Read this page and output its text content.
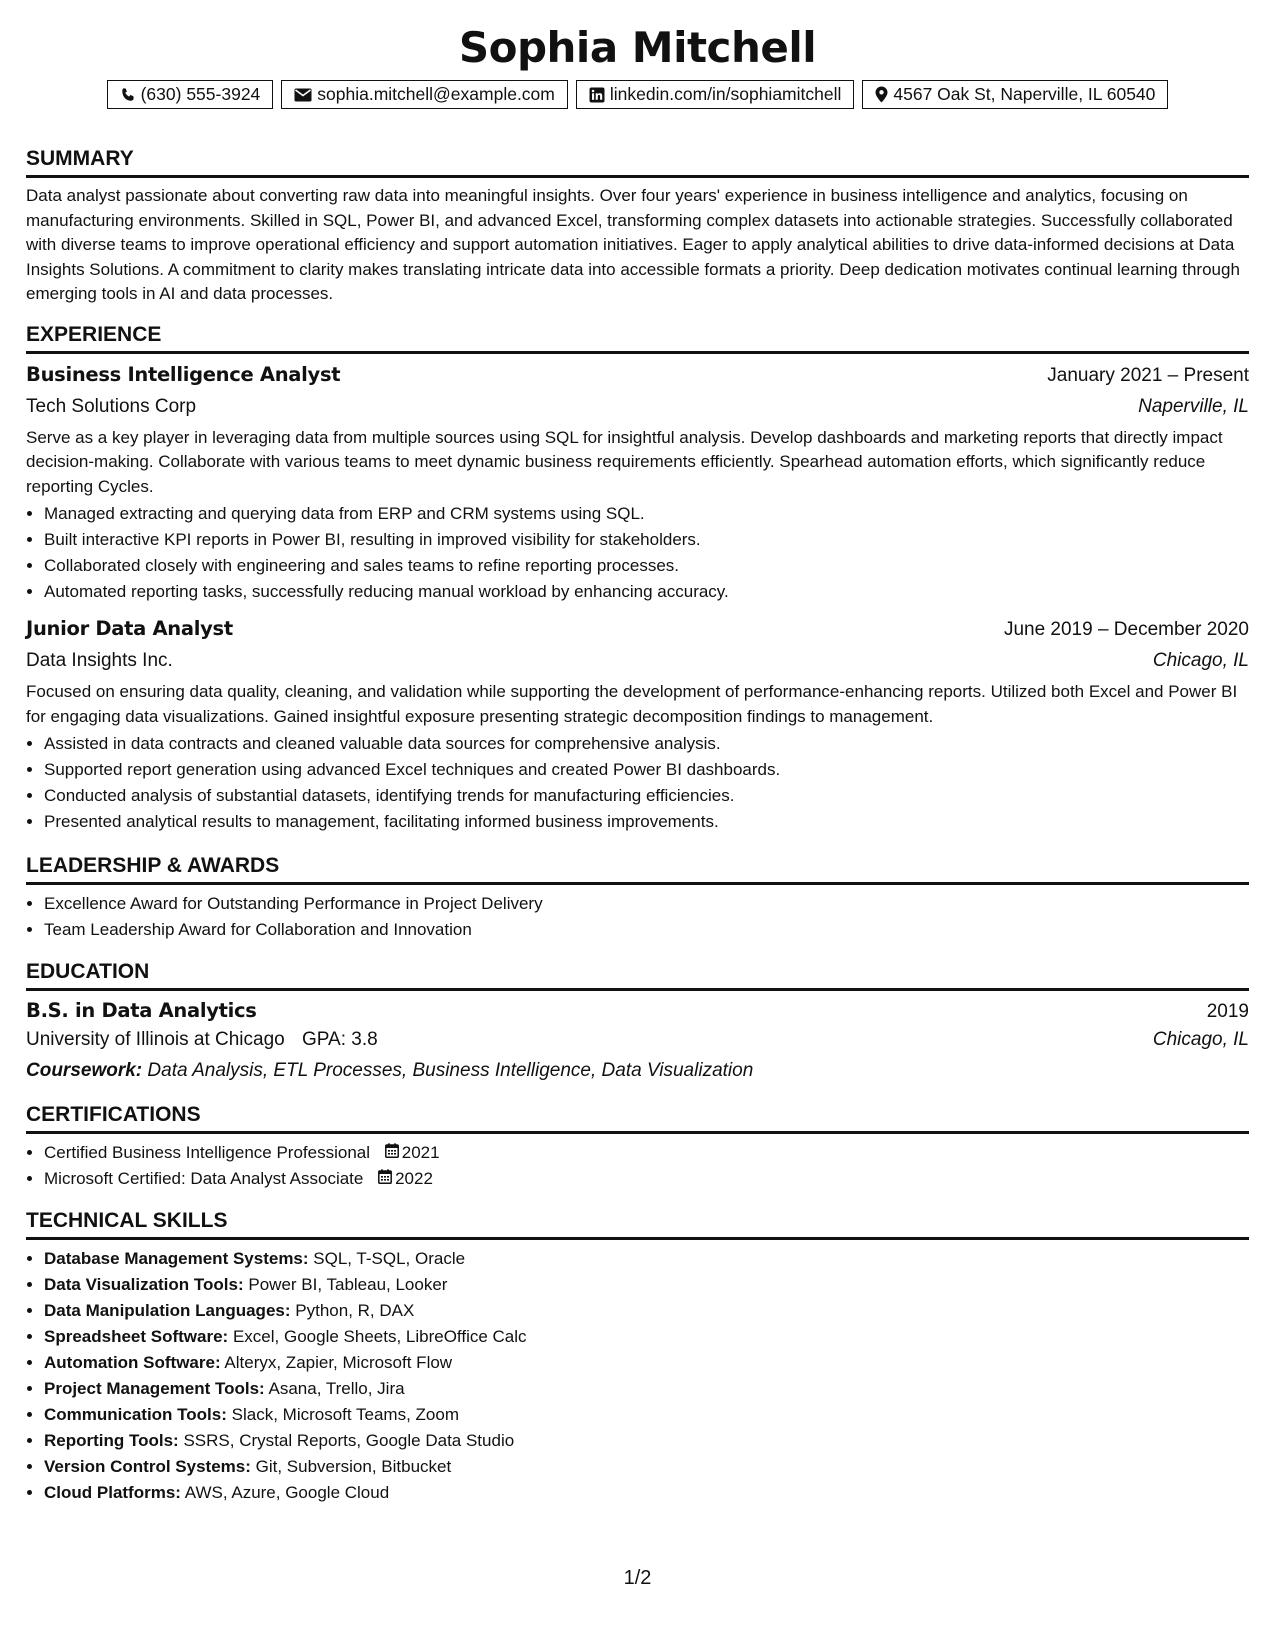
Sophia Mitchell
(630) 555-3924	sophia.mitchell@example.com	linkedin.com/in/sophiamitchell	4567 Oak St, Naperville, IL 60540
SUMMARY
Data analyst passionate about converting raw data into meaningful insights. Over four years' experience in business intelligence and analytics, focusing on manufacturing environments. Skilled in SQL, Power BI, and advanced Excel, transforming complex datasets into actionable strategies. Successfully collaborated with diverse teams to improve operational efficiency and support automation initiatives. Eager to apply analytical abilities to drive data-informed decisions at Data Insights Solutions. A commitment to clarity makes translating intricate data into accessible formats a priority. Deep dedication motivates continual learning through emerging tools in AI and data processes.
EXPERIENCE
Business Intelligence Analyst	January 2021 – Present
Tech Solutions Corp	Naperville, IL
Serve as a key player in leveraging data from multiple sources using SQL for insightful analysis. Develop dashboards and marketing reports that directly impact decision-making. Collaborate with various teams to meet dynamic business requirements efficiently. Spearhead automation efforts, which significantly reduce reporting Cycles.
• Managed extracting and querying data from ERP and CRM systems using SQL.
• Built interactive KPI reports in Power BI, resulting in improved visibility for stakeholders.
• Collaborated closely with engineering and sales teams to refine reporting processes.
• Automated reporting tasks, successfully reducing manual workload by enhancing accuracy.
Junior Data Analyst	June 2019 – December 2020
Data Insights Inc.	Chicago, IL
Focused on ensuring data quality, cleaning, and validation while supporting the development of performance-enhancing reports. Utilized both Excel and Power BI for engaging data visualizations. Gained insightful exposure presenting strategic decomposition findings to management.
• Assisted in data contracts and cleaned valuable data sources for comprehensive analysis.
• Supported report generation using advanced Excel techniques and created Power BI dashboards.
• Conducted analysis of substantial datasets, identifying trends for manufacturing efficiencies.
• Presented analytical results to management, facilitating informed business improvements.
LEADERSHIP & AWARDS
• Excellence Award for Outstanding Performance in Project Delivery
• Team Leadership Award for Collaboration and Innovation
EDUCATION
B.S. in Data Analytics	2019
University of Illinois at Chicago GPA: 3.8	Chicago, IL
Coursework: Data Analysis, ETL Processes, Business Intelligence, Data Visualization
CERTIFICATIONS
• Certified Business Intelligence Professional 2021
• Microsoft Certified: Data Analyst Associate 2022
TECHNICAL SKILLS
• Database Management Systems: SQL, T-SQL, Oracle
• Data Visualization Tools: Power BI, Tableau, Looker
• Data Manipulation Languages: Python, R, DAX
• Spreadsheet Software: Excel, Google Sheets, LibreOffice Calc
• Automation Software: Alteryx, Zapier, Microsoft Flow
• Project Management Tools: Asana, Trello, Jira
• Communication Tools: Slack, Microsoft Teams, Zoom
• Reporting Tools: SSRS, Crystal Reports, Google Data Studio
• Version Control Systems: Git, Subversion, Bitbucket
• Cloud Platforms: AWS, Azure, Google Cloud
1/2
